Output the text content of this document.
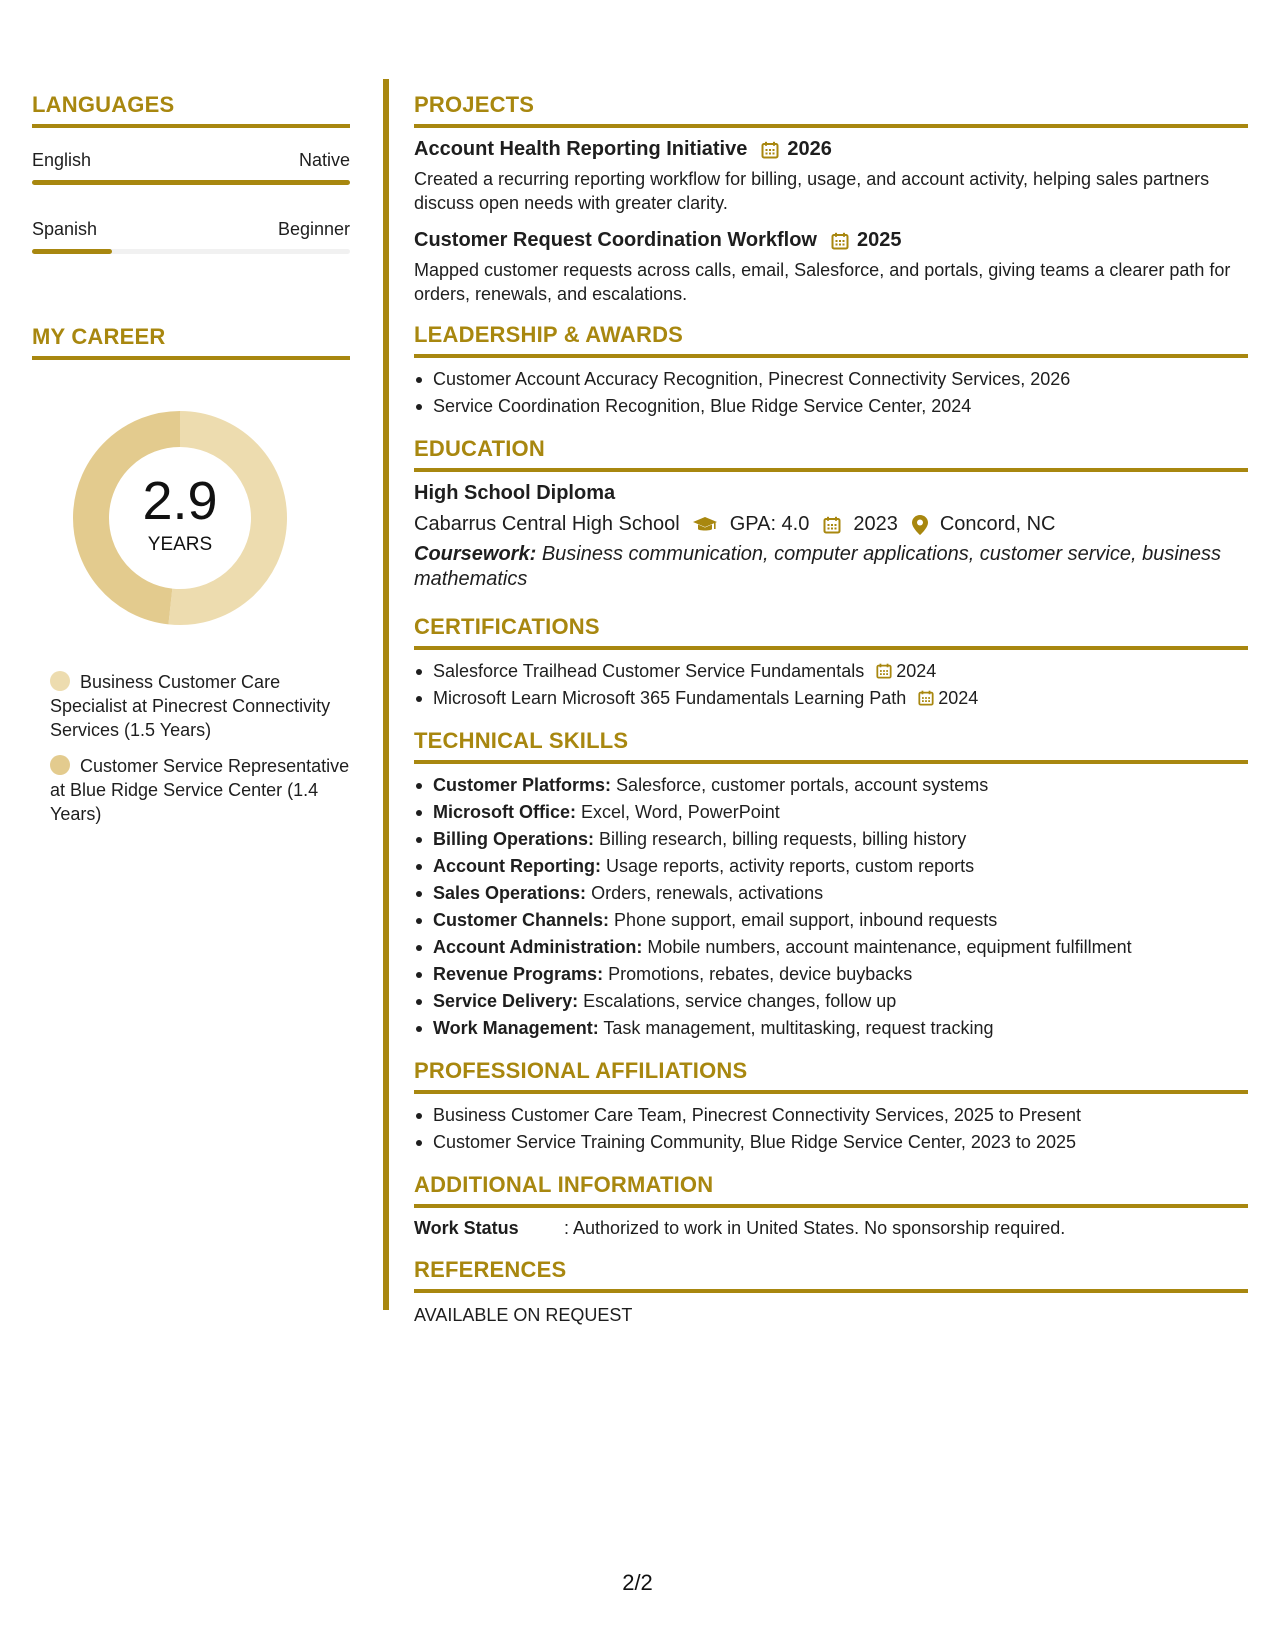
LANGUAGES
English	Native
Spanish	Beginner
MY CAREER
2.9
YEARS
Business Customer Care Specialist at Pinecrest Connectivity Services (1.5 Years)
Customer Service Representative at Blue Ridge Service Center (1.4 Years)
PROJECTS
Account Health Reporting Initiative 2026
Created a recurring reporting workflow for billing, usage, and account activity, helping sales partners discuss open needs with greater clarity.
Customer Request Coordination Workflow 2025
Mapped customer requests across calls, email, Salesforce, and portals, giving teams a clearer path for orders, renewals, and escalations.
LEADERSHIP & AWARDS
Customer Account Accuracy Recognition, Pinecrest Connectivity Services, 2026
Service Coordination Recognition, Blue Ridge Service Center, 2024
EDUCATION
High School Diploma
Cabarrus Central High School	GPA: 4.0 2023 Concord, NC
Coursework: Business communication, computer applications, customer service, business mathematics
CERTIFICATIONS
Salesforce Trailhead Customer Service Fundamentals 2024
Microsoft Learn Microsoft 365 Fundamentals Learning Path 2024
TECHNICAL SKILLS
Customer Platforms: Salesforce, customer portals, account systems
Microsoft Office: Excel, Word, PowerPoint
Billing Operations: Billing research, billing requests, billing history
Account Reporting: Usage reports, activity reports, custom reports
Sales Operations: Orders, renewals, activations
Customer Channels: Phone support, email support, inbound requests
Account Administration: Mobile numbers, account maintenance, equipment fulfillment
Revenue Programs: Promotions, rebates, device buybacks
Service Delivery: Escalations, service changes, follow up
Work Management: Task management, multitasking, request tracking
PROFESSIONAL AFFILIATIONS
Business Customer Care Team, Pinecrest Connectivity Services, 2025 to Present
Customer Service Training Community, Blue Ridge Service Center, 2023 to 2025
ADDITIONAL INFORMATION
Work Status	: Authorized to work in United States. No sponsorship required.
REFERENCES
AVAILABLE ON REQUEST
2/2
